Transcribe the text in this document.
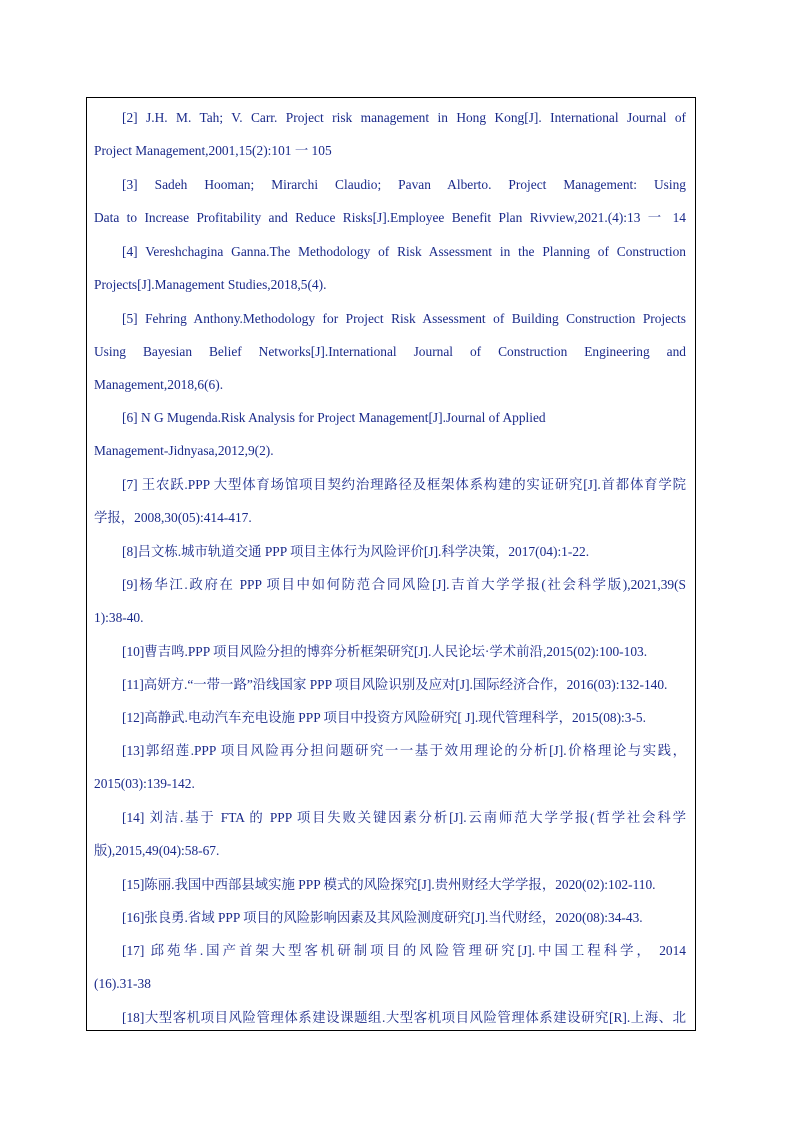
[2] J.H. M. Tah; V. Carr. Project risk management in Hong Kong[J]. International Journal of

Project Management,2001,15(2):101 一 105

[3] Sadeh Hooman; Mirarchi Claudio; Pavan Alberto. Project Management: Using

Data to Increase Profitability and Reduce Risks[J].Employee Benefit Plan Rivview,2021.(4):13 一 14

[4] Vereshchagina Ganna.The Methodology of Risk Assessment in the Planning of Construction

Projects[J].Management Studies,2018,5(4).

[5] Fehring Anthony.Methodology for Project Risk Assessment of Building Construction Projects

Using Bayesian Belief Networks[J].International Journal of Construction Engineering and

Management,2018,6(6).

[6] N G Mugenda.Risk Analysis for Project Management[J].Journal of Applied

Management-Jidnyasa,2012,9(2).

[7] 王农跃.PPP 大型体育场馆项目契约治理路径及框架体系构建的实证研究[J].首都体育学院

学报，2008,30(05):414-417.

[8]吕文栋.城市轨道交通 PPP 项目主体行为风险评价[J].科学决策，2017(04):1-22.

[9]杨华江.政府在 PPP 项目中如何防范合同风险[J].吉首大学学报(社会科学版),2021,39(S

1):38-40.

[10]曹吉鸣.PPP 项目风险分担的博弈分析框架研究[J].人民论坛·学术前沿,2015(02):100-103.

[11]高妍方.“一带一路”沿线国家 PPP 项目风险识别及应对[J].国际经济合作，2016(03):132-140.

[12]高静武.电动汽车充电设施 PPP 项目中投资方风险研究[ J].现代管理科学，2015(08):3-5.

[13]郭绍莲.PPP 项目风险再分担问题研究一一基于效用理论的分析[J].价格理论与实践，

2015(03):139-142.

[14] 刘洁.基于 FTA 的 PPP 项目失败关键因素分析[J].云南师范大学学报(哲学社会科学

版),2015,49(04):58-67.

[15]陈丽.我国中西部县域实施 PPP 模式的风险探究[J].贵州财经大学学报，2020(02):102-110.

[16]张良勇.省域 PPP 项目的风险影响因素及其风险测度研究[J].当代财经，2020(08):34-43.

[17] 邱苑华.国产首架大型客机研制项目的风险管理研究[J].中国工程科学， 2014

(16).31-38

[18]大型客机项目风险管理体系建设课题组.大型客机项目风险管理体系建设研究[R].上海、北
